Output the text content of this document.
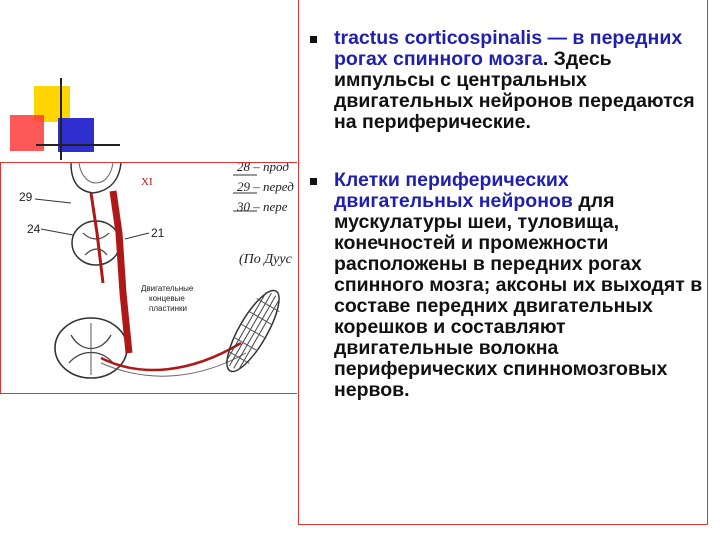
29
24	21
XI
28 – прод
29 – перед
30 – пере
(По Дуус
Двигательные
концевые
пластинки
tractus corticospinalis — в передних рогах спинного мозга. Здесь импульсы с центральных двигательных нейронов передаются на периферические.
Клетки периферических двигательных нейронов для мускулатуры шеи, туловища, конечностей и промежности расположены в передних рогах спинного мозга; аксоны их выходят в составе передних двигательных корешков и составляют двигательные волокна периферических спинномозговых нервов.
